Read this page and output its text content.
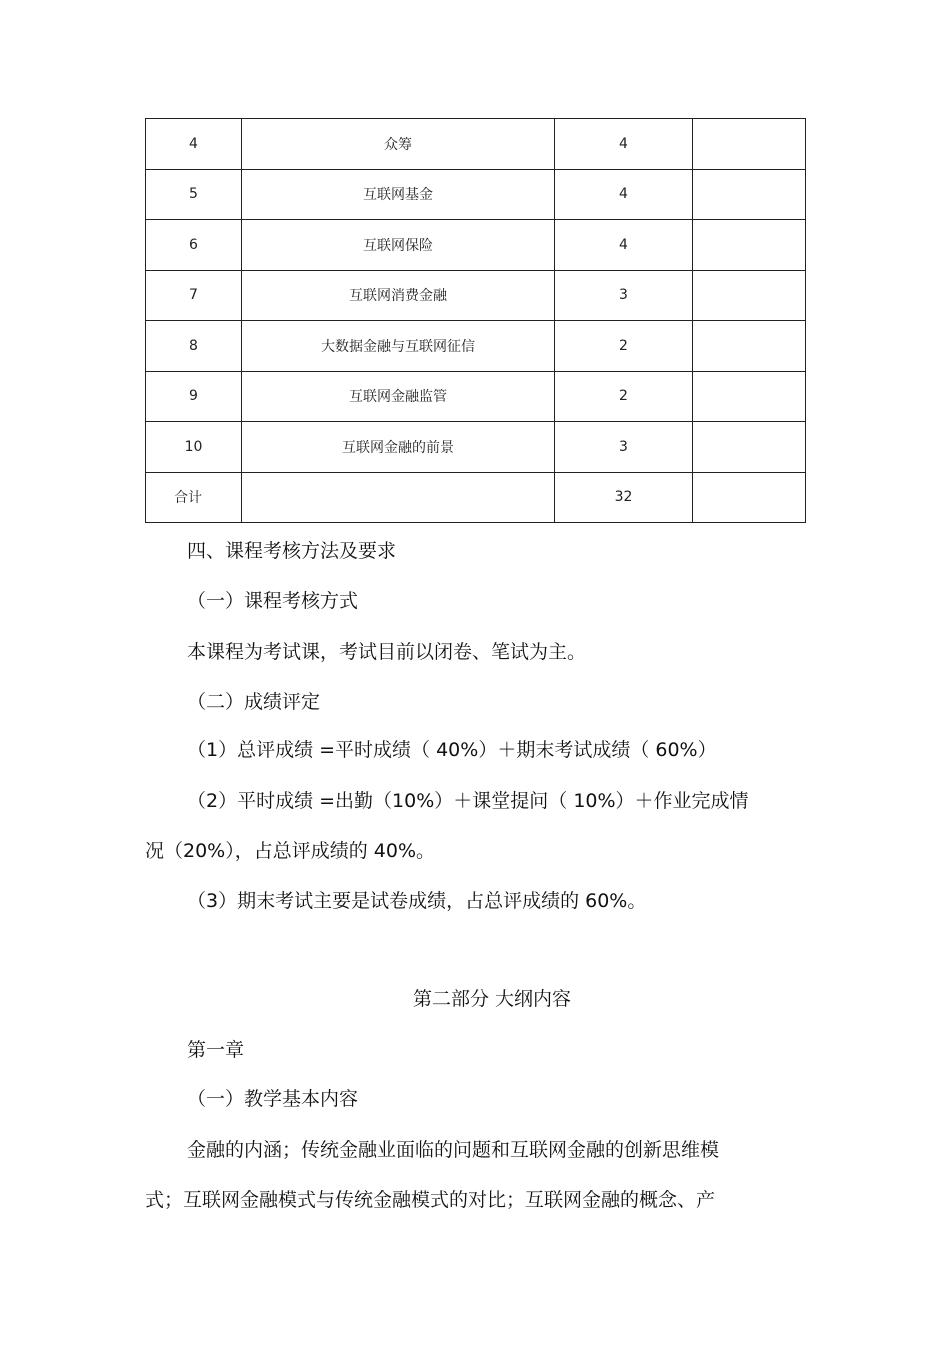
4	众筹	4	
5	互联网基金	4	
6	互联网保险	4	
7	互联网消费金融	3	
8	大数据金融与互联网征信	2	
9	互联网金融监管	2	
10	互联网金融的前景	3	
合计		32	
四、课程考核方法及要求
（一）课程考核方式
本课程为考试课，考试目前以闭卷、笔试为主。
（二）成绩评定
（1）总评成绩 =平时成绩（ 40%）＋期末考试成绩（ 60%）
（2）平时成绩 =出勤（10%）＋课堂提问（ 10%）＋作业完成情
况（20%），占总评成绩的 40%。
（3）期末考试主要是试卷成绩，占总评成绩的 60%。
第二部分 大纲内容
第一章
（一）教学基本内容
金融的内涵；传统金融业面临的问题和互联网金融的创新思维模
式；互联网金融模式与传统金融模式的对比；互联网金融的概念、产
